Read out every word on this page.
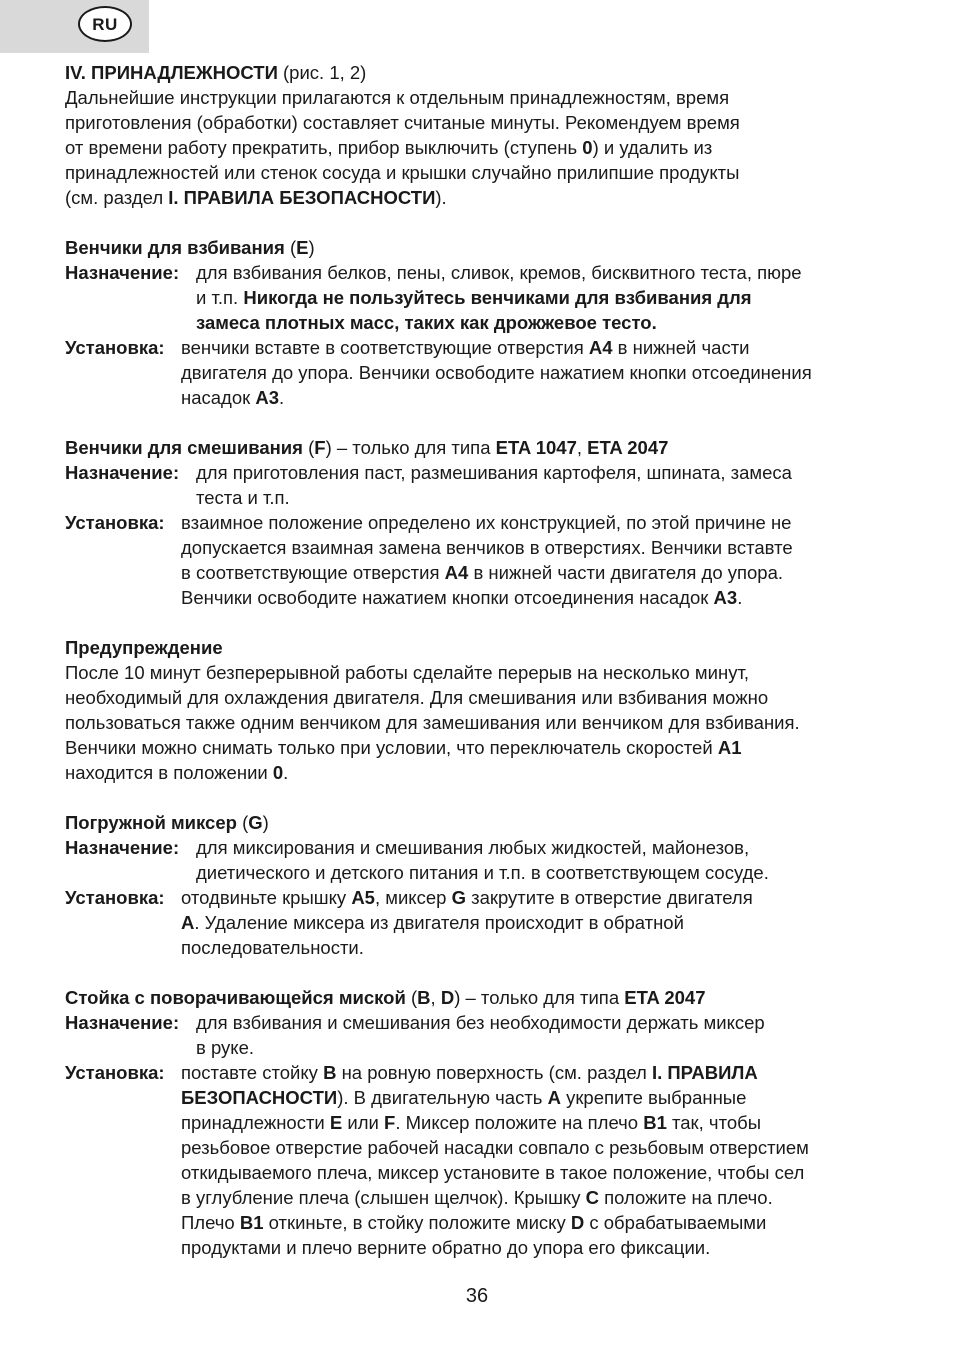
RU

IV. ПРИНАДЛЕЖНОСТИ (рис. 1, 2)

Дальнейшие инструкции прилагаются к отдельным принадлежностям, время

приготовления (обработки) составляет считаные минуты. Рекомендуем время

от времени работу прекратить, прибор выключить (ступень 0) и удалить из

принадлежностей или стенок сосуда и крышки случайно прилипшие продукты

(см. раздел I. ПРАВИЛА БЕЗОПАСНОСТИ).

Венчики для взбивания (E)

Назначение: для взбивания белков, пены, сливок, кремов, бисквитного теста, пюре
и т.п. Никогда не пользуйтесь венчиками для взбивания для
замеса плотных масс, таких как дрожжевое тесто.
Установка: венчики вставте в соответствующие отверстия A4 в нижней части
двигателя до упора. Венчики освободите нажатием кнопки отсоединения
насадок A3.

Венчики для смешивания (F) – только для типа ETA 1047, ETA 2047

Назначение: для приготовления паст, размешивания картофеля, шпината, замеса
теста и т.п.
Установка: взаимное положение определено их конструкцией, по этой причине не
допускается взаимная замена венчиков в отверстиях. Венчики вставте
в соответствующие отверстия A4 в нижней части двигателя до упора.
Венчики освободите нажатием кнопки отсоединения насадок A3.

Предупреждение

После 10 минут безперерывной работы сделайте перерыв на несколько минут,

необходимый для охлаждения двигателя. Для смешивания или взбивания можно

пользоваться также одним венчиком для замешивания или венчиком для взбивания.

Венчики можно снимать только при условии, что переключатель скоростей A1

находится в положении 0.

Погружной миксер (G)

Назначение: для миксирования и смешивания любых жидкостей, майонезов,
диетического и детского питания и т.п. в соответствующем сосуде.
Установка: отодвиньте крышку A5, миксер G закрутите в отверстие двигателя
A. Удаление миксера из двигателя происходит в обратной
последовательности.

Стойка с поворачивающейся миской (B, D) – только для типа ETA 2047

Назначение: для взбивания и смешивания без необходимости держать миксер
в руке.
Установка: поставте стойку B на ровную поверхность (см. раздел I. ПРАВИЛА
БЕЗОПАСНОСТИ). В двигательную часть A укрепите выбранные
принадлежности E или F. Миксер положите на плечо B1 так, чтобы
резьбовое отверстие рабочей насадки совпало с резьбовым отверстием
откидываемого плеча, миксер установите в такое положение, чтобы сел
в углубление плеча (слышен щелчок). Крышку C положите на плечо.
Плечо B1 откиньте, в стойку положите миску D с обрабатываемыми
продуктами и плечо верните обратно до упора его фиксации.
36
